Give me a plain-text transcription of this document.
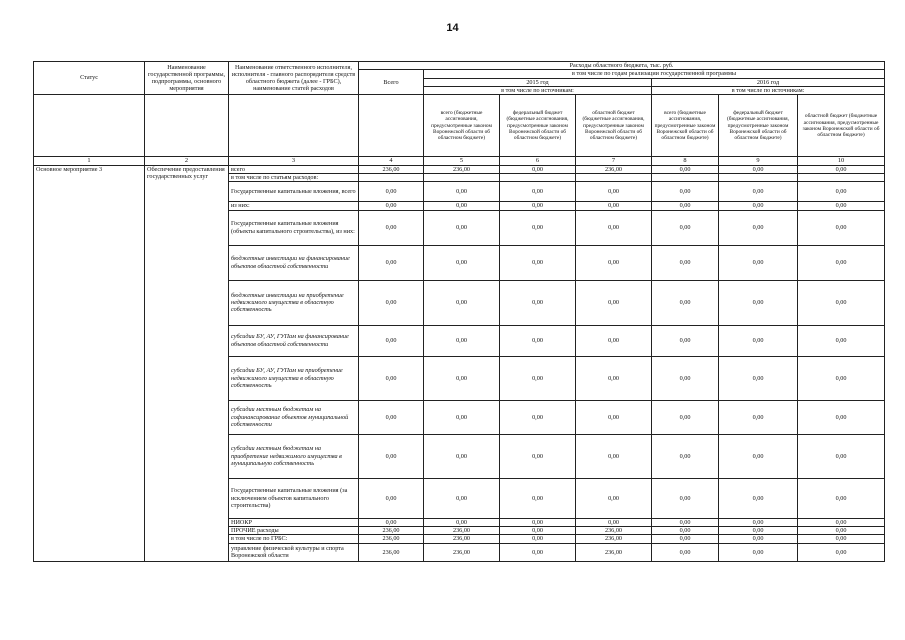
14
Статус	Наименование государственной программы, подпрограммы, основного мероприятия	Наименование ответственного исполнителя, исполнителя - главного распорядителя средств областного бюджета (далее - ГРБС), наименование статей расходов	Расходы областного бюджета, тыс. руб.						
			Всего	в том числе по годам реализации государственной программы					
				2015 год			2016 год		
				в том числе по источникам:			в том числе по источникам:		
				всего (бюджетные ассигнования, предусмотренные законом Воронежской области об областном бюджете)	федеральный бюджет (бюджетные ассигнования, предусмотренные законом Воронежской области об областном бюджете)	областной бюджет (бюджетные ассигнования, предусмотренные законом Воронежской области об областном бюджете)	всего (бюджетные ассигнования, предусмотренные законом Воронежской области об областном бюджете)	федеральный бюджет (бюджетные ассигнования, предусмотренные законом Воронежской области об областном бюджете)	областной бюджет (бюджетные ассигнования, предусмотренные законом Воронежской области об областном бюджете)
1	2	3	4	5	6	7	8	9	10
Основное мероприятие 3	Обеспечение предоставления государственных услуг	всего	236,00	236,00	0,00	236,00	0,00	0,00	0,00
		в том числе по статьям расходов:							
		Государственные капитальные вложения, всего	0,00	0,00	0,00	0,00	0,00	0,00	0,00
		из них:	0,00	0,00	0,00	0,00	0,00	0,00	0,00
		Государственные капитальные вложения (объекты капитального строительства), из них:	0,00	0,00	0,00	0,00	0,00	0,00	0,00
		бюджетные инвестиции на финансирование объектов областной собственности	0,00	0,00	0,00	0,00	0,00	0,00	0,00
		бюджетные инвестиции на приобретение недвижимого имущества в областную собственность	0,00	0,00	0,00	0,00	0,00	0,00	0,00
		субсидии БУ, АУ, ГУПам на финансирование объектов областной собственности	0,00	0,00	0,00	0,00	0,00	0,00	0,00
		субсидии БУ, АУ, ГУПам на приобретение недвижимого имущества в областную собственность	0,00	0,00	0,00	0,00	0,00	0,00	0,00
		субсидии местным бюджетам на софинансирование объектов муниципальной собственности	0,00	0,00	0,00	0,00	0,00	0,00	0,00
		субсидии местным бюджетам на приобретение недвижимого имущества в муниципальную собственность	0,00	0,00	0,00	0,00	0,00	0,00	0,00
		Государственные капитальные вложения (за исключением объектов капитального строительства)	0,00	0,00	0,00	0,00	0,00	0,00	0,00
		НИОКР	0,00	0,00	0,00	0,00	0,00	0,00	0,00
		ПРОЧИЕ расходы	236,00	236,00	0,00	236,00	0,00	0,00	0,00
		в том числе по ГРБС:	236,00	236,00	0,00	236,00	0,00	0,00	0,00
		управление физической культуры и спорта Воронежской области	236,00	236,00	0,00	236,00	0,00	0,00	0,00
